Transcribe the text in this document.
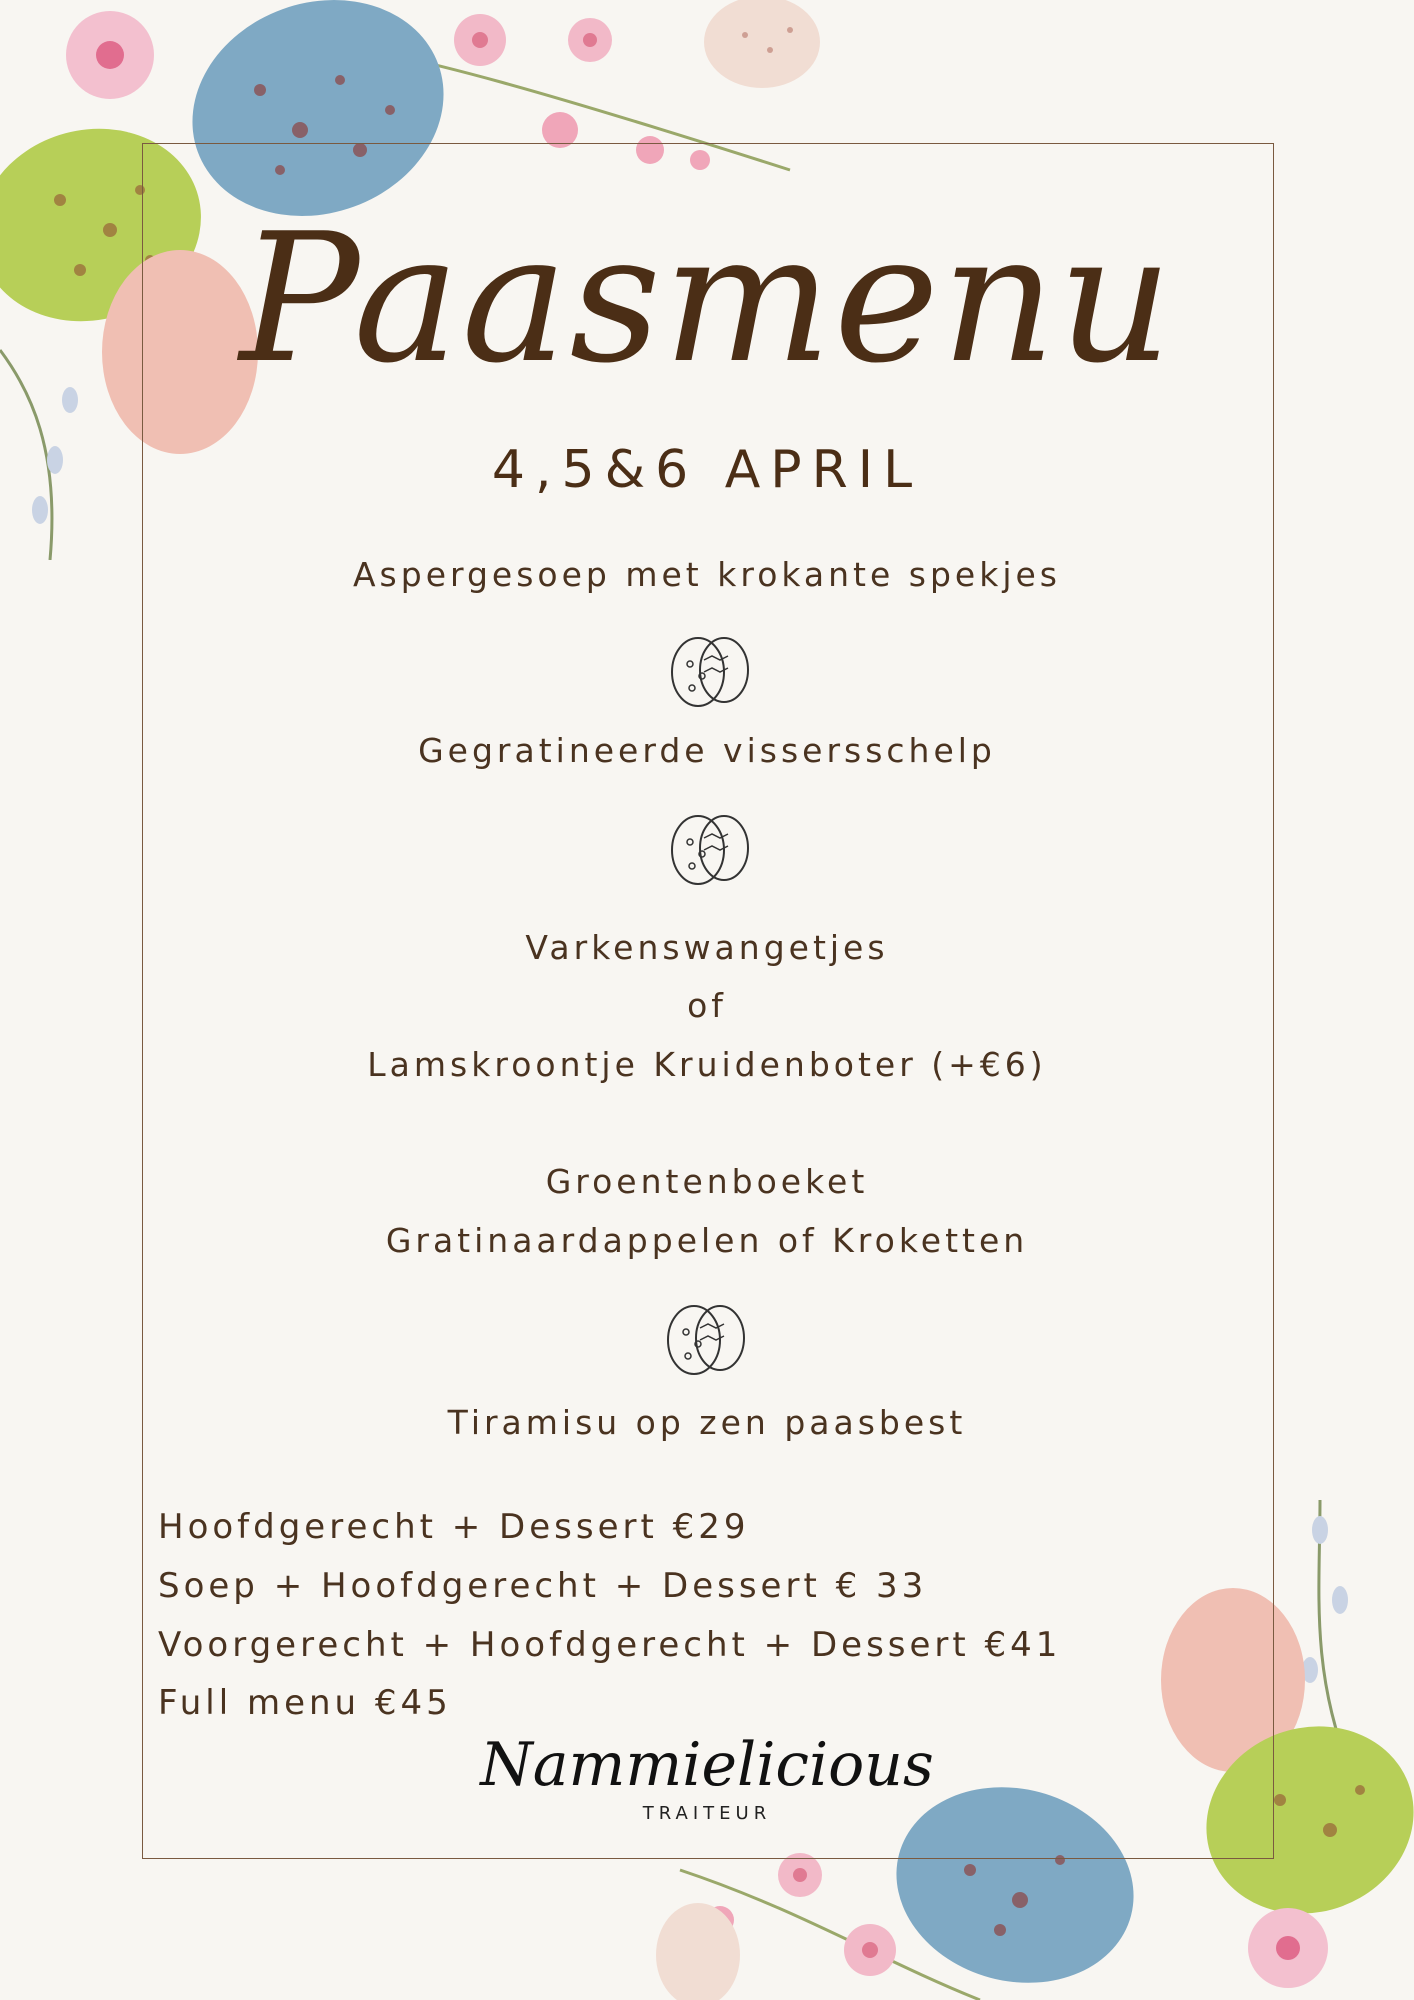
Paasmenu
4,5&6 APRIL
Aspergesoep met krokante spekjes
Gegratineerde vissersschelp
Varkenswangetjes
of
Lamskroontje Kruidenboter (+€6)
Groentenboeket
Gratinaardappelen of Kroketten
Tiramisu op zen paasbest
Hoofdgerecht + Dessert €29
Soep + Hoofdgerecht + Dessert € 33
Voorgerecht + Hoofdgerecht + Dessert €41
Full menu €45
Nammielicious
TRAITEUR
